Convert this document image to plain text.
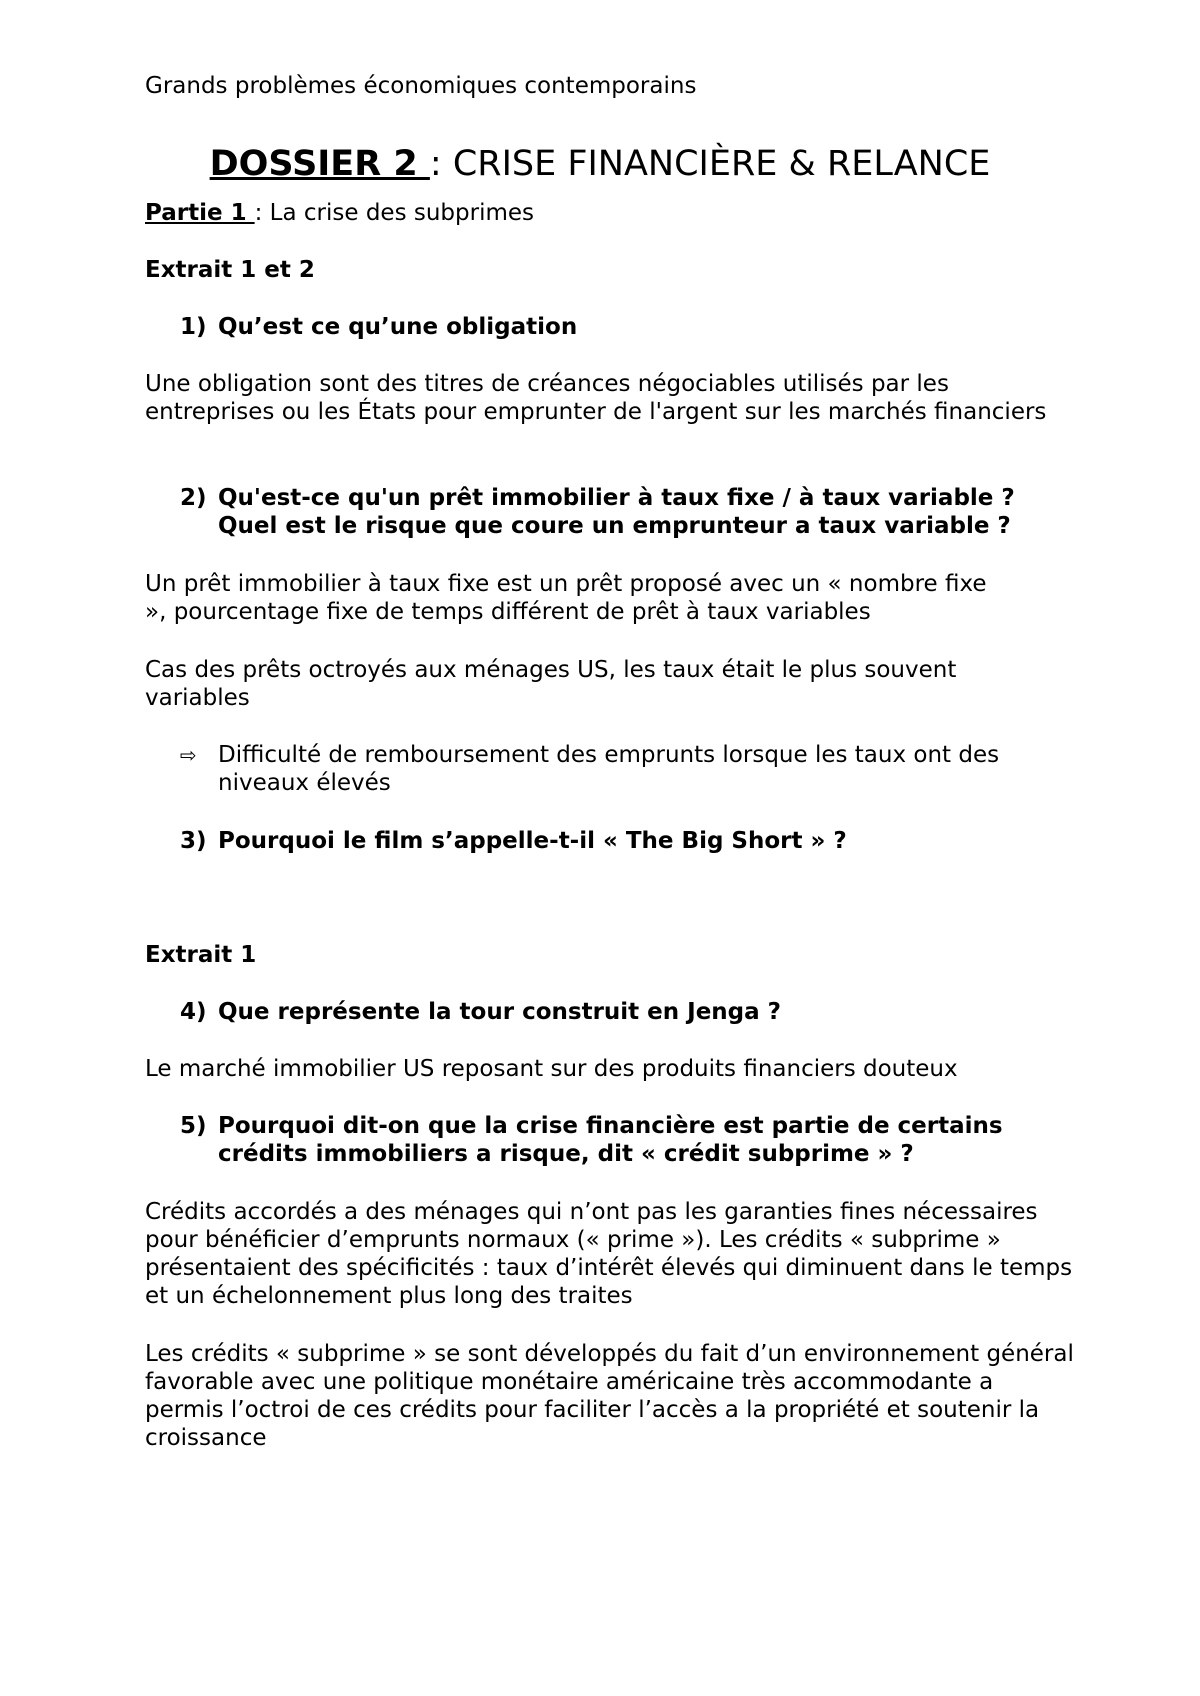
Grands problèmes économiques contemporains
DOSSIER 2 : CRISE FINANCIÈRE & RELANCE
Partie 1 : La crise des subprimes
Extrait 1 et 2
1) Qu’est ce qu’une obligation
Une obligation sont des titres de créances négociables utilisés par les entreprises ou les États pour emprunter de l'argent sur les marchés financiers
2) Qu'est-ce qu'un prêt immobilier à taux fixe / à taux variable ? Quel est le risque que coure un emprunteur a taux variable ?
Un prêt immobilier à taux fixe est un prêt proposé avec un « nombre fixe », pourcentage fixe de temps différent de prêt à taux variables
Cas des prêts octroyés aux ménages US, les taux était le plus souvent variables
⇨ Difficulté de remboursement des emprunts lorsque les taux ont des niveaux élevés
3) Pourquoi le film s’appelle-t-il « The Big Short » ?
Extrait 1
4) Que représente la tour construit en Jenga ?
Le marché immobilier US reposant sur des produits financiers douteux
5) Pourquoi dit-on que la crise financière est partie de certains crédits immobiliers a risque, dit « crédit subprime » ?
Crédits accordés a des ménages qui n’ont pas les garanties fines nécessaires pour bénéficier d’emprunts normaux (« prime »). Les crédits « subprime » présentaient des spécificités : taux d’intérêt élevés qui diminuent dans le temps et un échelonnement plus long des traites
Les crédits « subprime » se sont développés du fait d’un environnement général favorable avec une politique monétaire américaine très accommodante a permis l’octroi de ces crédits pour faciliter l’accès a la propriété et soutenir la croissance
